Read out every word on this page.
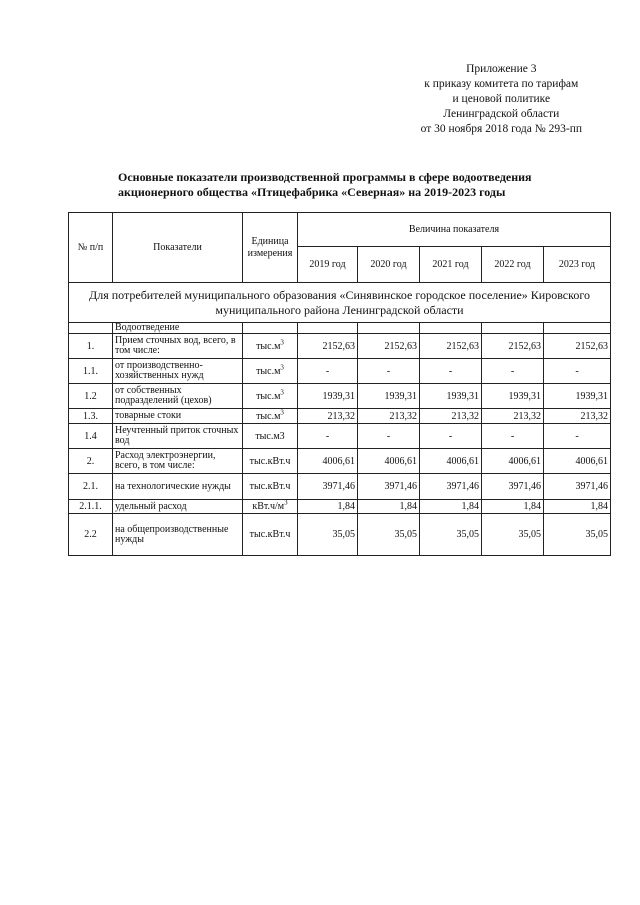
Приложение 3
к приказу комитета по тарифам
и ценовой политике
Ленинградской области
от 30 ноября 2018 года № 293-пп
Основные показатели производственной программы в сфере водоотведения
акционерного общества «Птицефабрика «Северная» на 2019-2023 годы
№ п/п	Показатели	Единица измерения	Величина показателя				
			2019 год	2020 год	2021 год	2022 год	2023 год
Для потребителей муниципального образования «Синявинское городское поселение» Кировского муниципального района Ленинградской области							
	Водоотведение						
1.	Прием сточных вод, всего, в том числе:	$тыс.м^3$	2152,63	2152,63	2152,63	2152,63	2152,63
1.1.	от производственно-хозяйственных нужд	$тыс.м^3$	-	-	-	-	-
1.2	от собственных подразделений (цехов)	$тыс.м^3$	1939,31	1939,31	1939,31	1939,31	1939,31
1.3.	товарные стоки	$тыс.м^3$	213,32	213,32	213,32	213,32	213,32
1.4	Неучтенный приток сточных вод	тыс.м3	-	-	-	-	-
2.	Расход электроэнергии, всего, в том числе:	тыс.кВт.ч	4006,61	4006,61	4006,61	4006,61	4006,61
2.1.	на технологические нужды	тыс.кВт.ч	3971,46	3971,46	3971,46	3971,46	3971,46
2.1.1.	удельный расход	$кВт.ч/м^3$	1,84	1,84	1,84	1,84	1,84
2.2	на общепроизводственные нужды	тыс.кВт.ч	35,05	35,05	35,05	35,05	35,05
